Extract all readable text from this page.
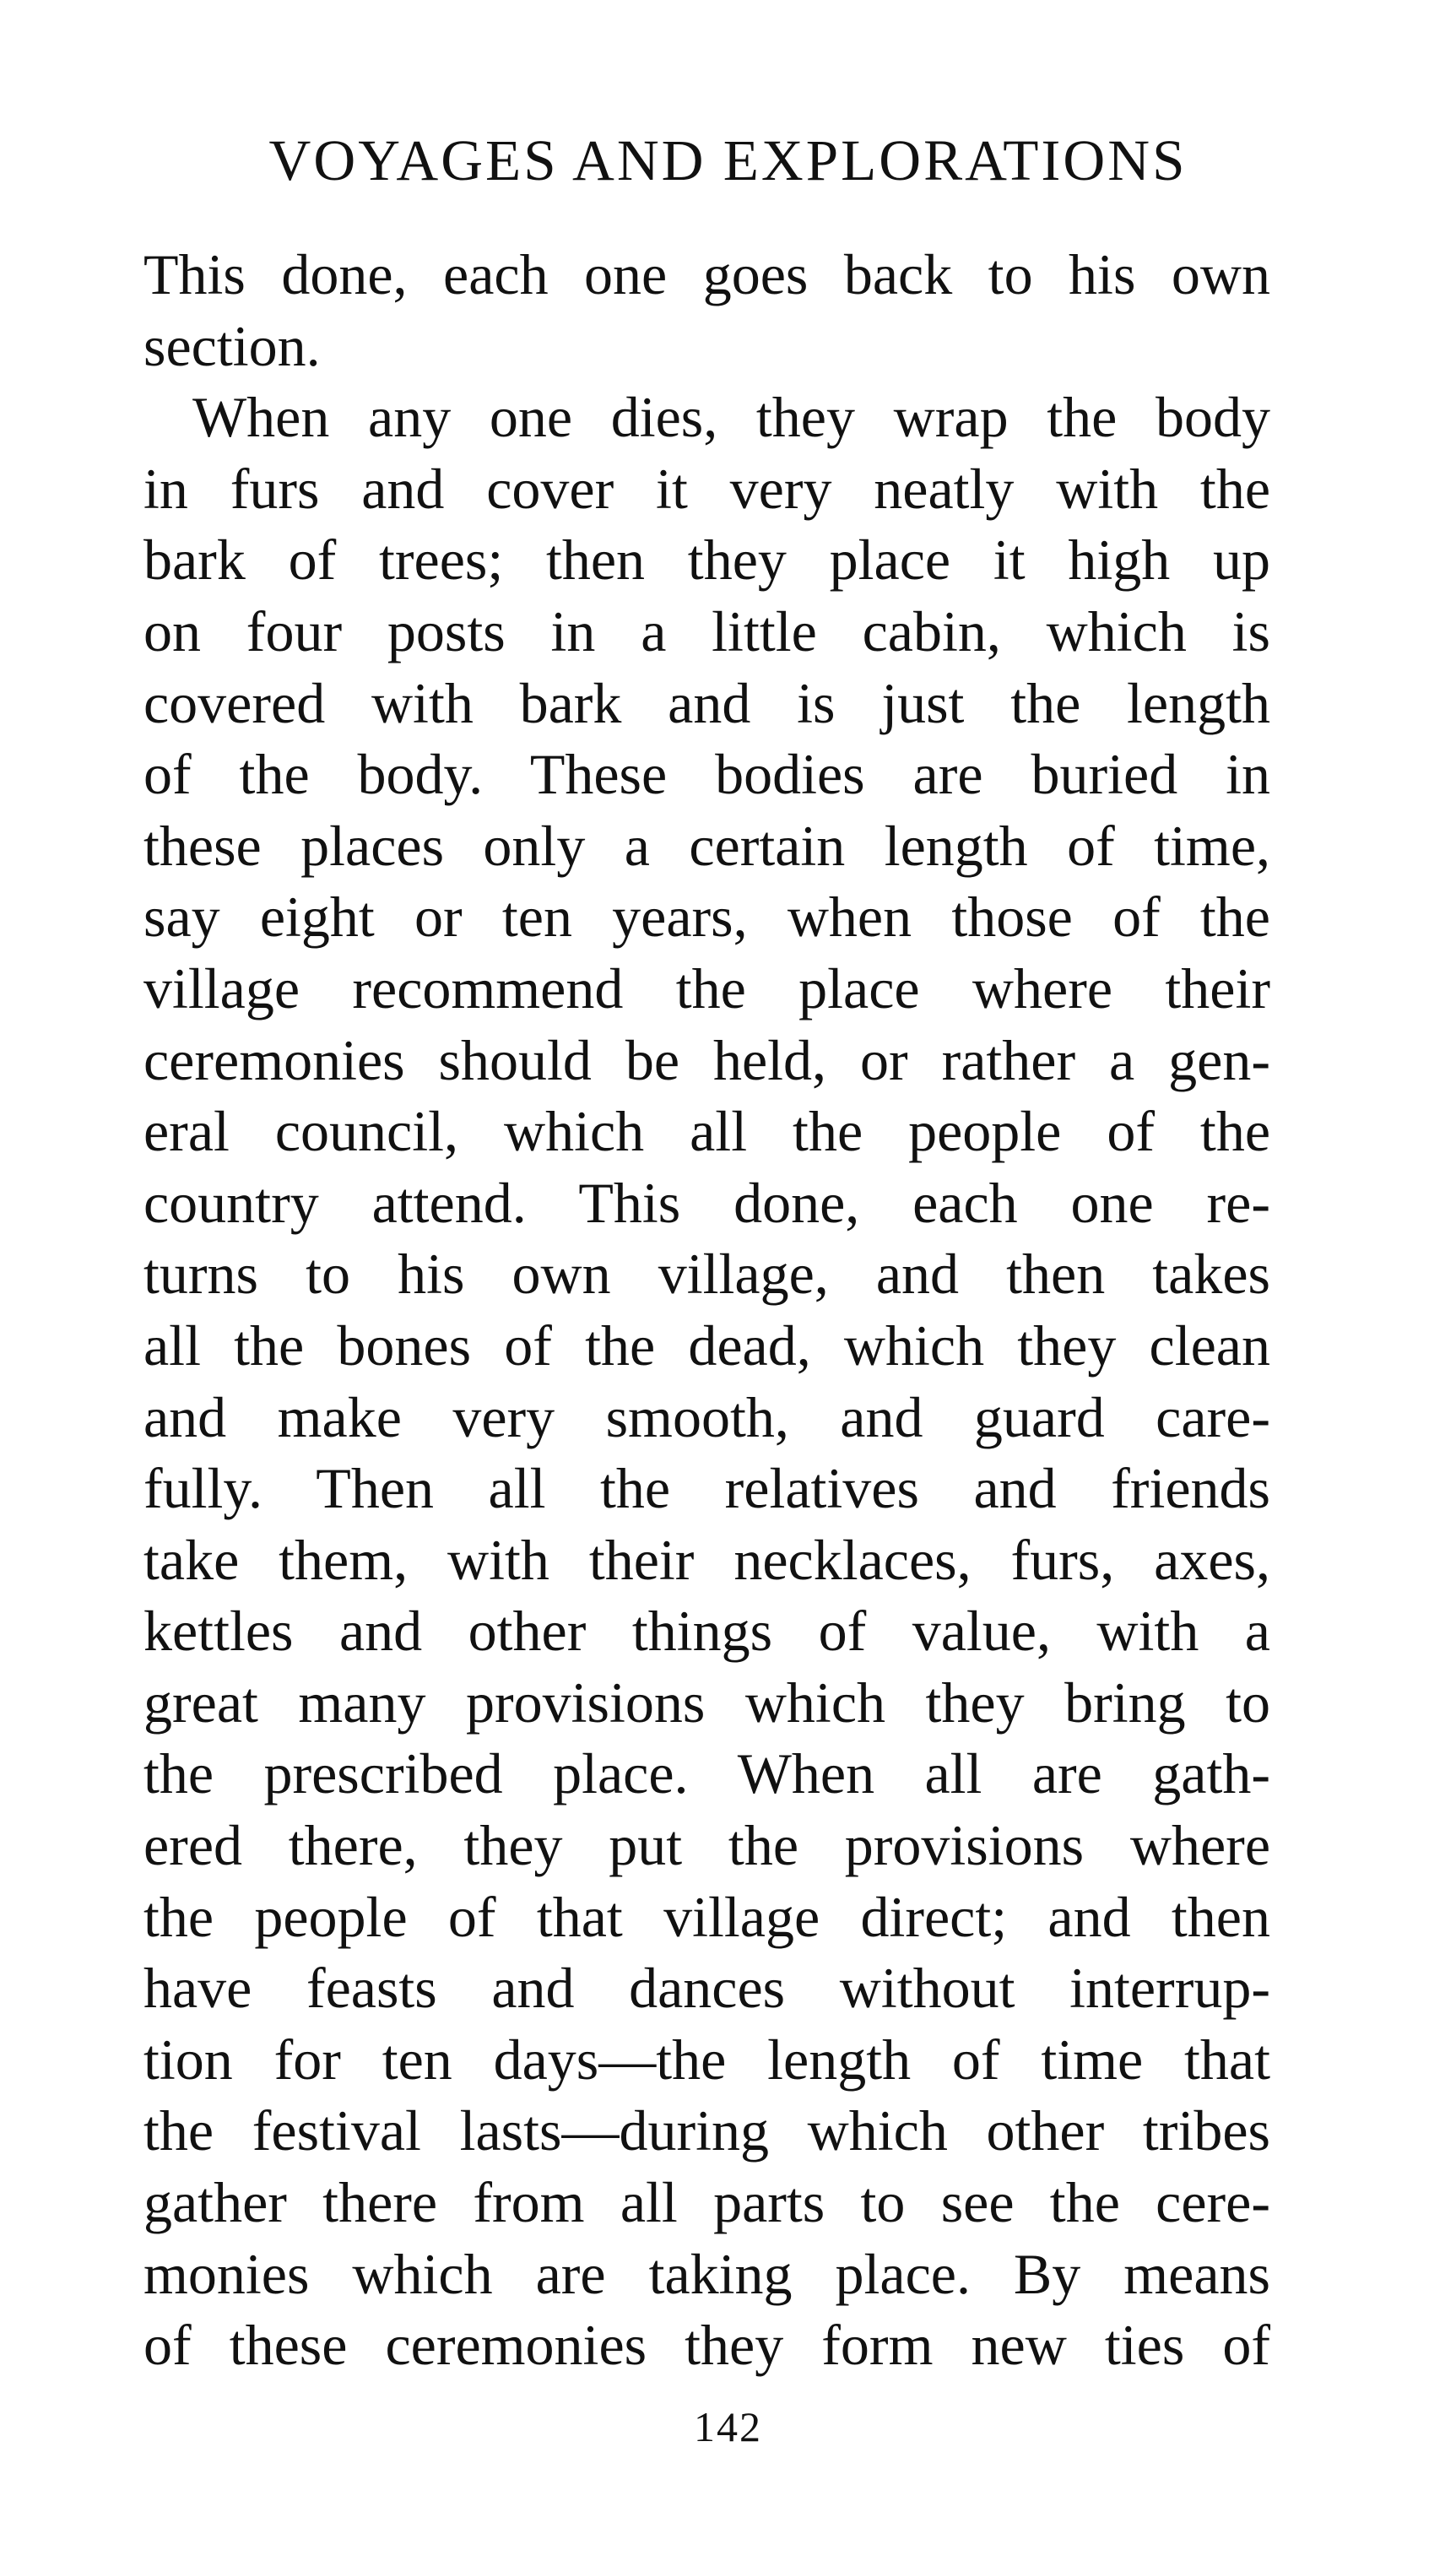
VOYAGES AND EXPLORATIONS
This done, each one goes back to his own
section.
When any one dies, they wrap the body
in furs and cover it very neatly with the
bark of trees; then they place it high up
on four posts in a little cabin, which is
covered with bark and is just the length
of the body. These bodies are buried in
these places only a certain length of time,
say eight or ten years, when those of the
village recommend the place where their
ceremonies should be held, or rather a gen-
eral council, which all the people of the
country attend. This done, each one re-
turns to his own village, and then takes
all the bones of the dead, which they clean
and make very smooth, and guard care-
fully. Then all the relatives and friends
take them, with their necklaces, furs, axes,
kettles and other things of value, with a
great many provisions which they bring to
the prescribed place. When all are gath-
ered there, they put the provisions where
the people of that village direct; and then
have feasts and dances without interrup-
tion for ten days—the length of time that
the festival lasts—during which other tribes
gather there from all parts to see the cere-
monies which are taking place. By means
of these ceremonies they form new ties of
142
